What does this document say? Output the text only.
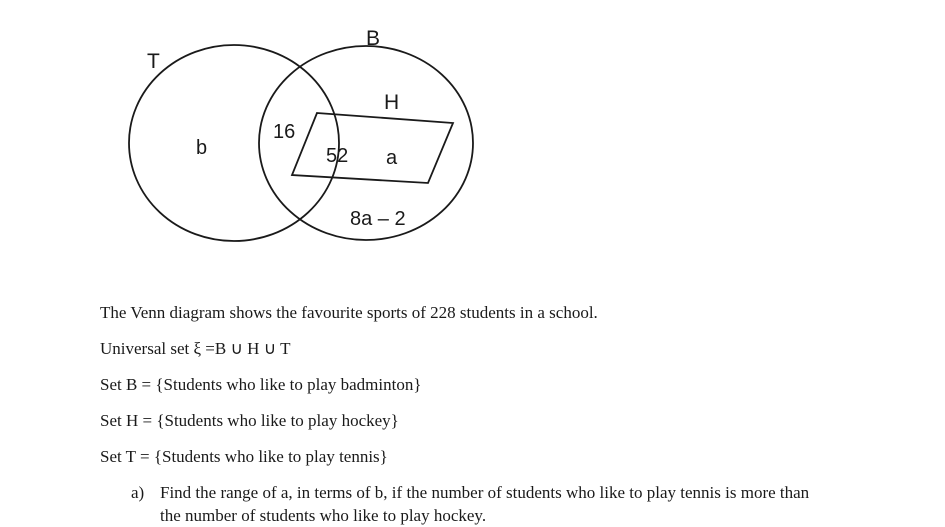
T
B
H
b
16
52 a
8a – 2
The Venn diagram shows the favourite sports of 228 students in a school.
Universal set ξ =B ∪ H ∪ T
Set B = {Students who like to play badminton}
Set H = {Students who like to play hockey}
Set T = {Students who like to play tennis}
a) Find the range of a, in terms of b, if the number of students who like to play tennis is more than the number of students who like to play hockey.
